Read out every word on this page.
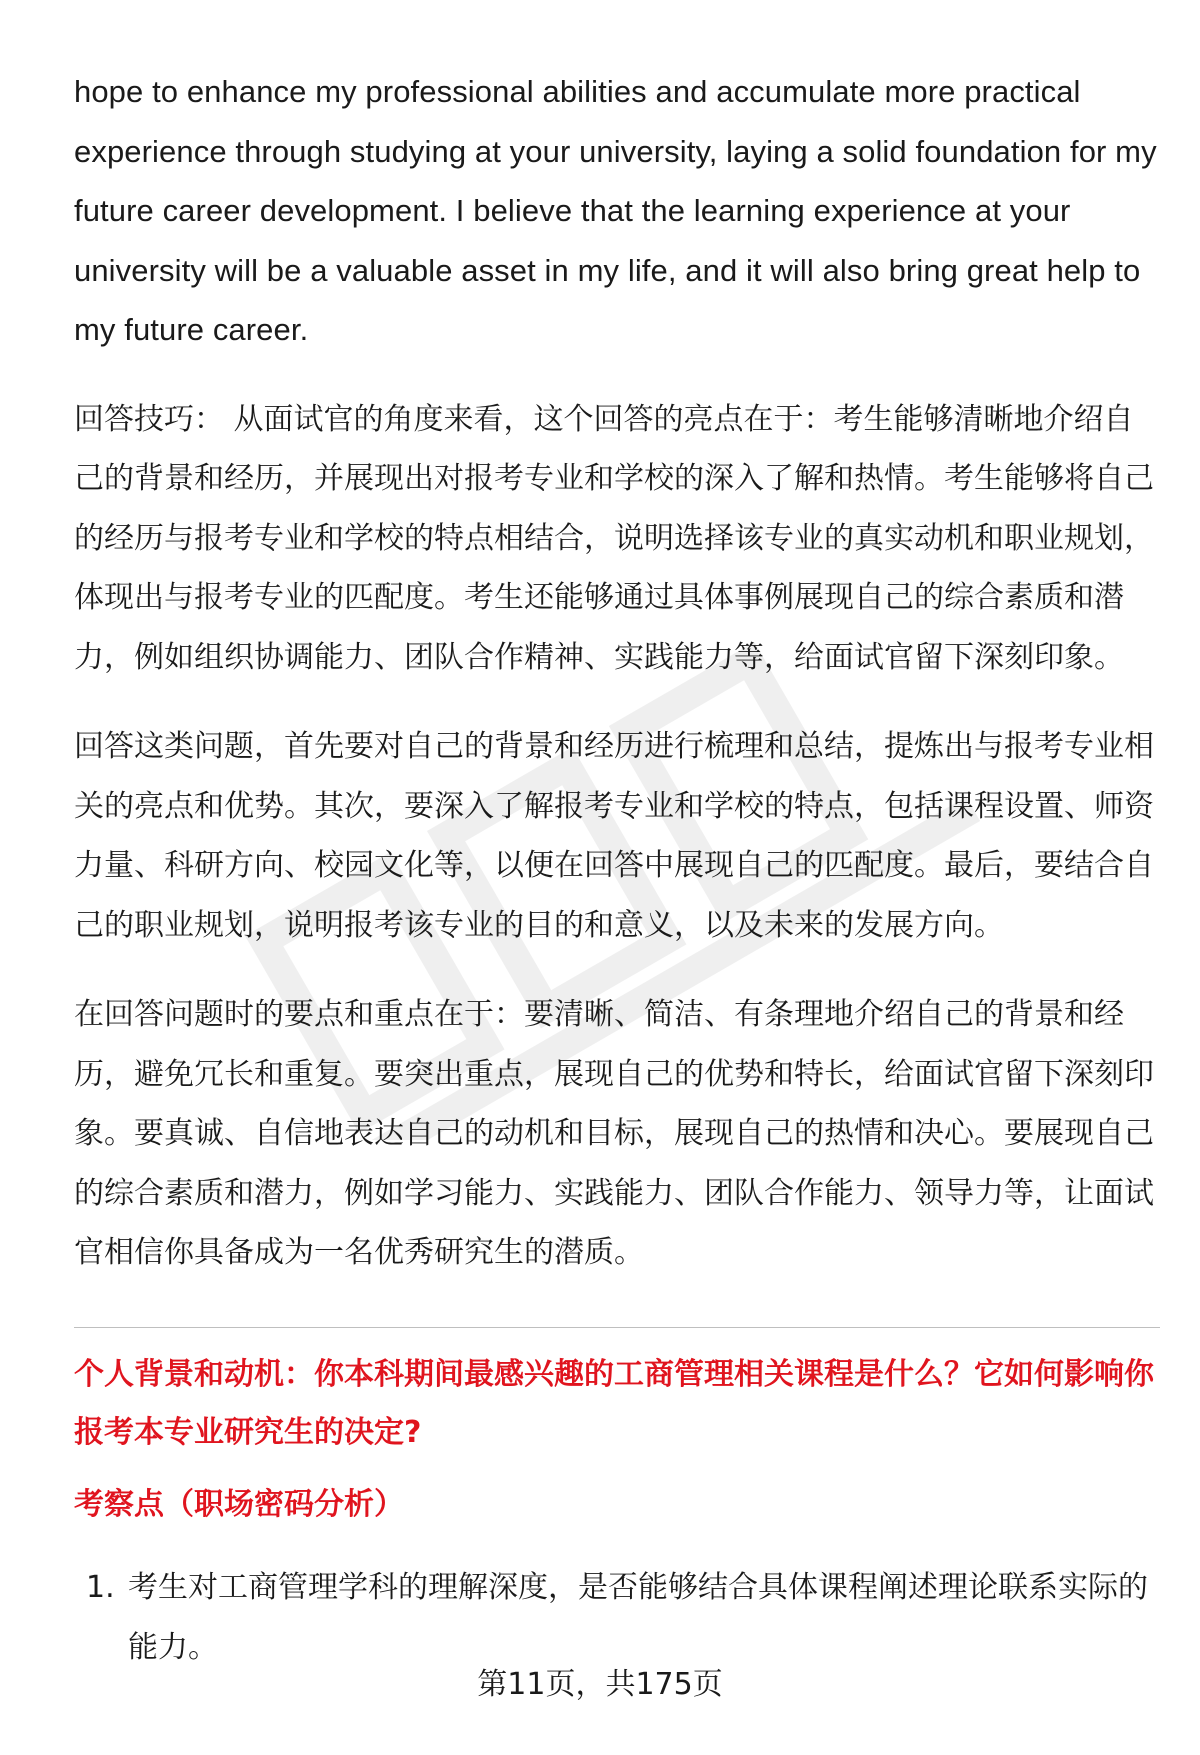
hope to enhance my professional abilities and accumulate more practical experience through studying at your university, laying a solid foundation for my future career development. I believe that the learning experience at your university will be a valuable asset in my life, and it will also bring great help to my future career.

回答技巧： 从面试官的角度来看，这个回答的亮点在于：考生能够清晰地介绍自己的背景和经历，并展现出对报考专业和学校的深入了解和热情。考生能够将自己的经历与报考专业和学校的特点相结合，说明选择该专业的真实动机和职业规划，体现出与报考专业的匹配度。考生还能够通过具体事例展现自己的综合素质和潜力，例如组织协调能力、团队合作精神、实践能力等，给面试官留下深刻印象。

回答这类问题，首先要对自己的背景和经历进行梳理和总结，提炼出与报考专业相关的亮点和优势。其次，要深入了解报考专业和学校的特点，包括课程设置、师资力量、科研方向、校园文化等，以便在回答中展现自己的匹配度。最后，要结合自己的职业规划，说明报考该专业的目的和意义，以及未来的发展方向。

在回答问题时的要点和重点在于：要清晰、简洁、有条理地介绍自己的背景和经历，避免冗长和重复。要突出重点，展现自己的优势和特长，给面试官留下深刻印象。要真诚、自信地表达自己的动机和目标，展现自己的热情和决心。要展现自己的综合素质和潜力，例如学习能力、实践能力、团队合作能力、领导力等，让面试官相信你具备成为一名优秀研究生的潜质。

个人背景和动机：你本科期间最感兴趣的工商管理相关课程是什么？它如何影响你报考本专业研究生的决定?
考察点（职场密码分析）
1. 考生对工商管理学科的理解深度，是否能够结合具体课程阐述理论联系实际的能力。
第11页，共175页
